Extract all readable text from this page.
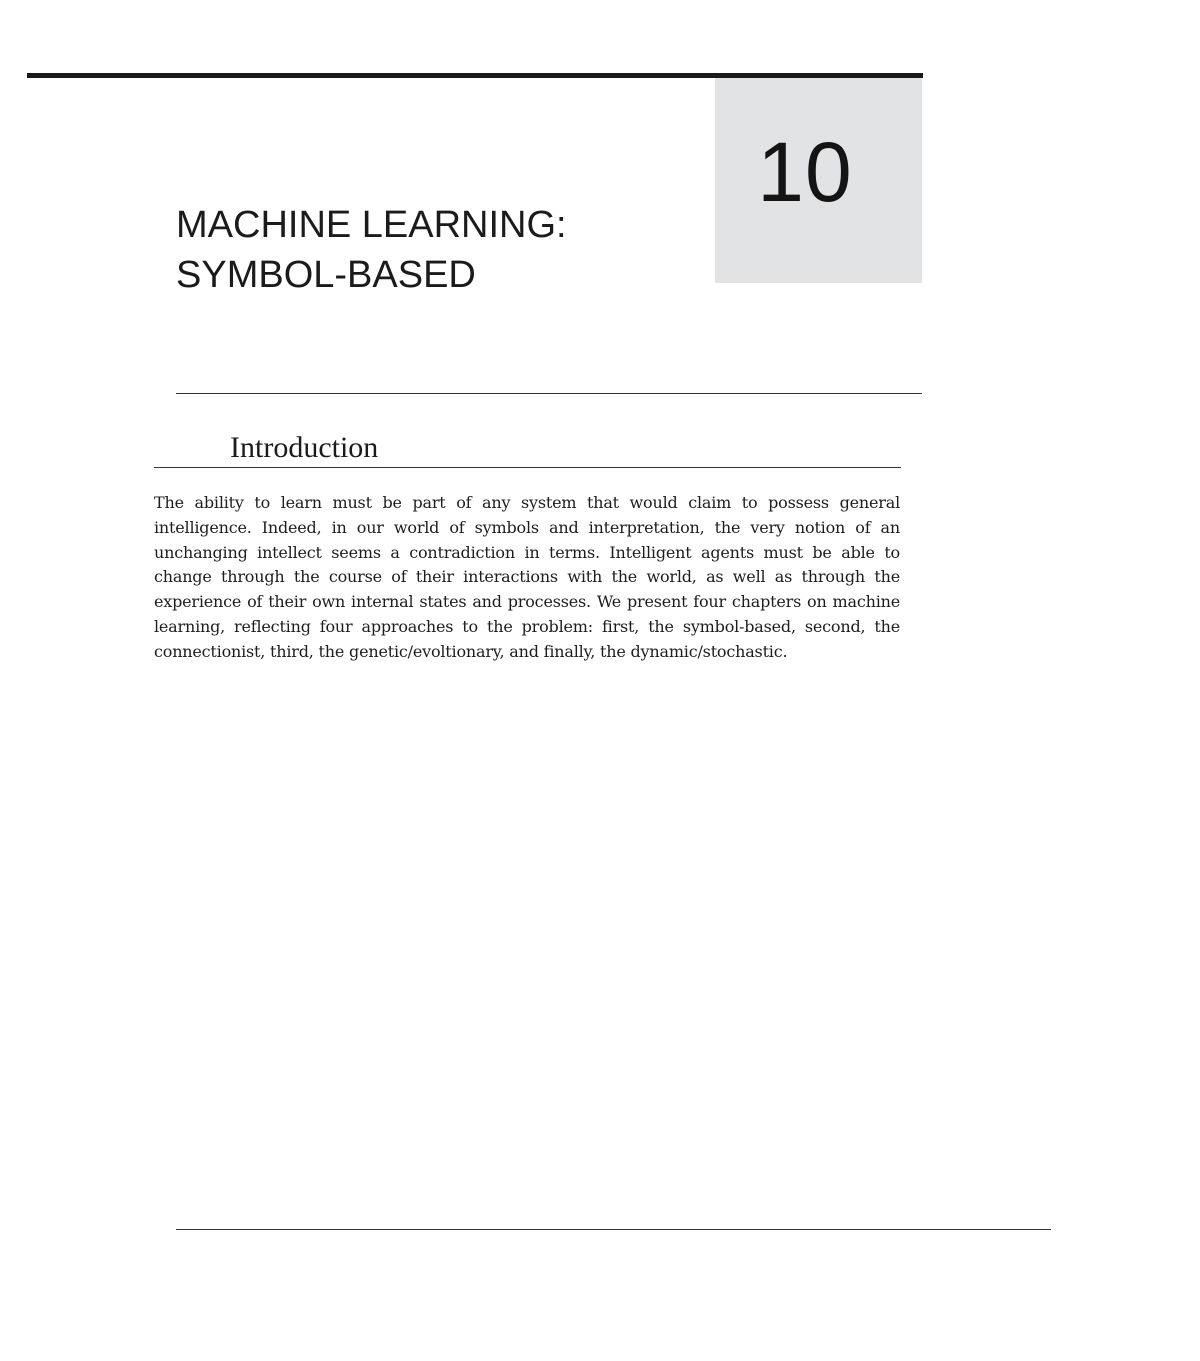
10
MACHINE LEARNING:
SYMBOL-BASED
Introduction

The ability to learn must be part of any system that would claim to possess general intelligence. Indeed, in our world of symbols and interpretation, the very notion of an unchanging intellect seems a contradiction in terms. Intelligent agents must be able to change through the course of their interactions with the world, as well as through the experience of their own internal states and processes. We present four chapters on machine learning, reflecting four approaches to the problem: first, the symbol-based, second, the connectionist, third, the genetic/evoltionary, and finally, the dynamic/stochastic.
